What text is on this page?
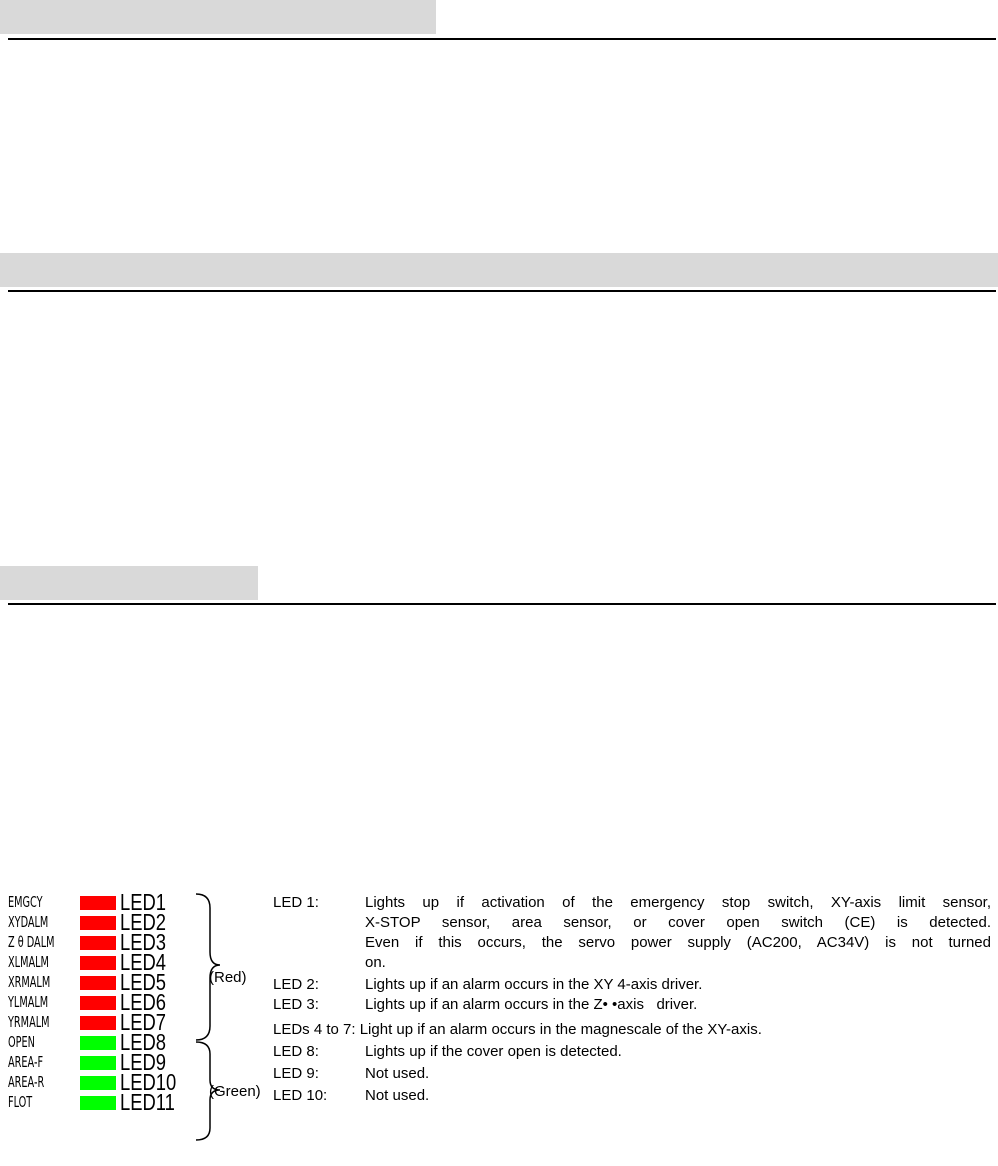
EMGCY	LED1
XYDALM	LED2
Z θ DALM	LED3
XLMALM	LED4
XRMALM	LED5
YLMALM	LED6
YRMALM	LED7
OPEN	LED8
AREA-F	LED9
AREA-R	LED10
FLOT	LED11
(Red)
(Green)
LED 1:	Lights up if activation of the emergency stop switch, XY-axis limit sensor,
X-STOP sensor, area sensor, or cover open switch (CE) is detected.
Even if this occurs, the servo power supply (AC200, AC34V) is not turned
on.
LED 2:	Lights up if an alarm occurs in the XY 4-axis driver.
LED 3:	Lights up if an alarm occurs in the Z• •axis   driver.
LEDs 4 to 7: Light up if an alarm occurs in the magnescale of the XY-axis.
LED 8:	Lights up if the cover open is detected.
LED 9:	Not used.
LED 10:	Not used.
